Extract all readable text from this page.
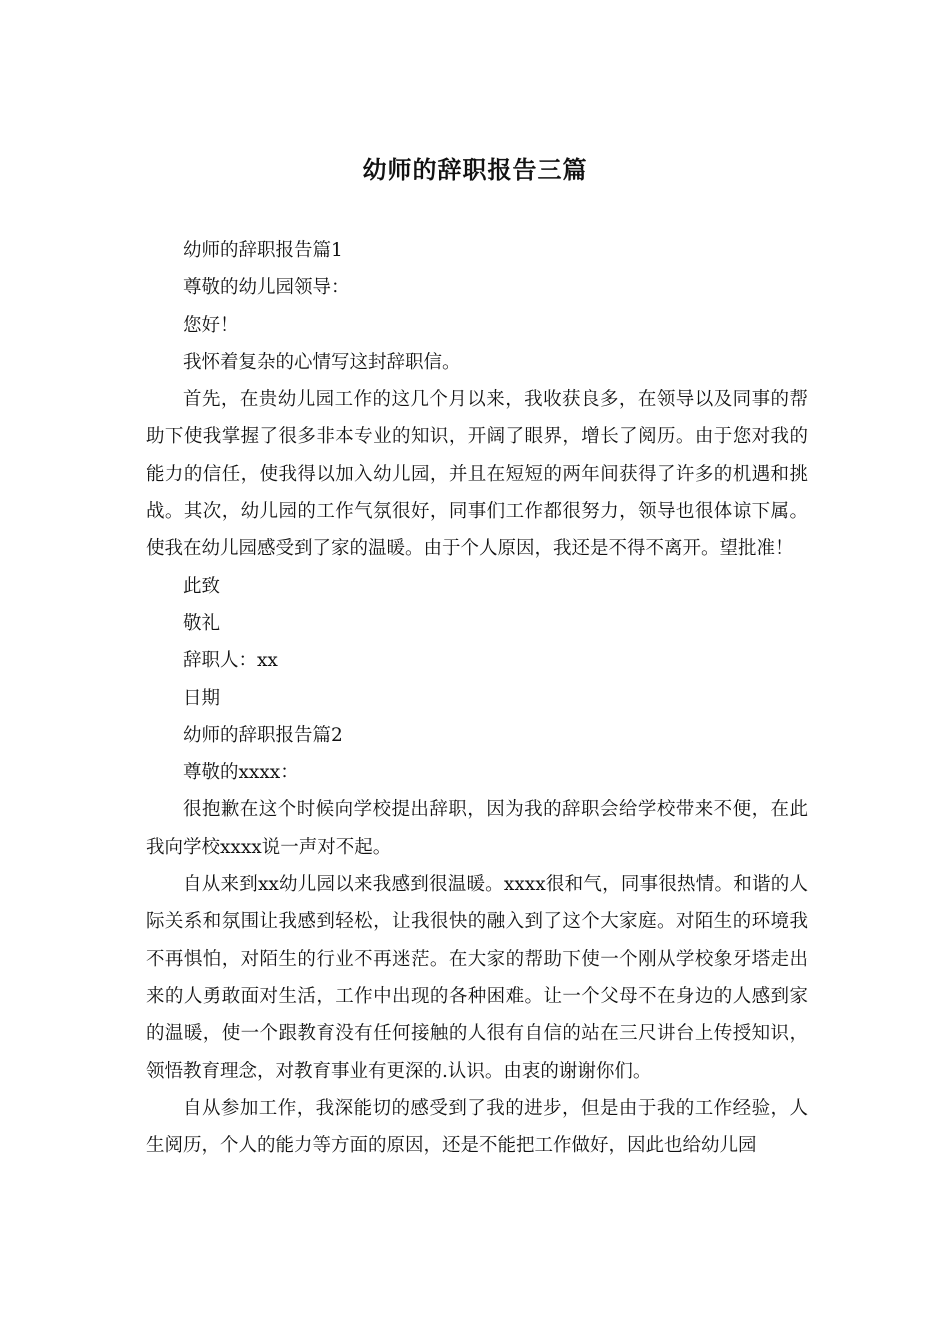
幼师的辞职报告三篇

幼师的辞职报告篇1

尊敬的幼儿园领导：

您好！

我怀着复杂的心情写这封辞职信。

首先，在贵幼儿园工作的这几个月以来，我收获良多，在领导以及同事的帮助下使我掌握了很多非本专业的知识，开阔了眼界，增长了阅历。由于您对我的能力的信任，使我得以加入幼儿园，并且在短短的两年间获得了许多的机遇和挑战。其次，幼儿园的工作气氛很好，同事们工作都很努力，领导也很体谅下属。使我在幼儿园感受到了家的温暖。由于个人原因，我还是不得不离开。望批准！

此致

敬礼

辞职人：xx

日期

幼师的辞职报告篇2

尊敬的xxxx：

很抱歉在这个时候向学校提出辞职，因为我的辞职会给学校带来不便，在此我向学校xxxx说一声对不起。

自从来到xx幼儿园以来我感到很温暖。xxxx很和气，同事很热情。和谐的人际关系和氛围让我感到轻松，让我很快的融入到了这个大家庭。对陌生的环境我不再惧怕，对陌生的行业不再迷茫。在大家的帮助下使一个刚从学校象牙塔走出来的人勇敢面对生活，工作中出现的各种困难。让一个父母不在身边的人感到家的温暖，使一个跟教育没有任何接触的人很有自信的站在三尺讲台上传授知识，领悟教育理念，对教育事业有更深的.认识。由衷的谢谢你们。

自从参加工作，我深能切的感受到了我的进步，但是由于我的工作经验，人生阅历，个人的能力等方面的原因，还是不能把工作做好，因此也给幼儿园
